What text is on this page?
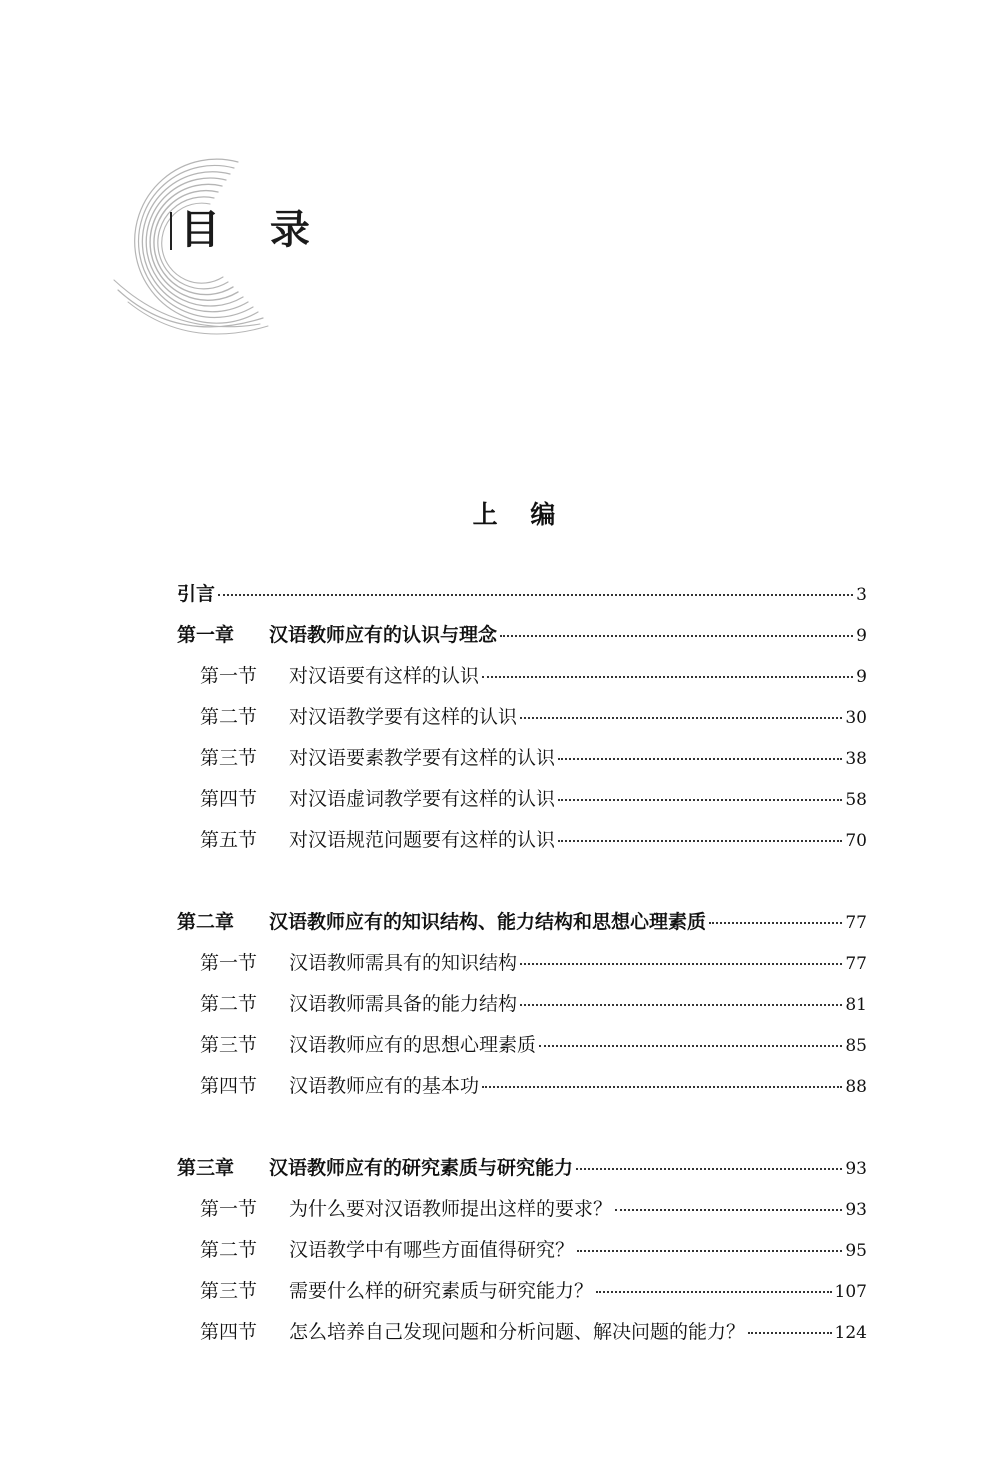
目 录
上 编
引言	3
第一章	汉语教师应有的认识与理念	9
第一节	对汉语要有这样的认识	9
第二节	对汉语教学要有这样的认识	30
第三节	对汉语要素教学要有这样的认识	38
第四节	对汉语虚词教学要有这样的认识	58
第五节	对汉语规范问题要有这样的认识	70
第二章	汉语教师应有的知识结构、能力结构和思想心理素质	77
第一节	汉语教师需具有的知识结构	77
第二节	汉语教师需具备的能力结构	81
第三节	汉语教师应有的思想心理素质	85
第四节	汉语教师应有的基本功	88
第三章	汉语教师应有的研究素质与研究能力	93
第一节	为什么要对汉语教师提出这样的要求？	93
第二节	汉语教学中有哪些方面值得研究？	95
第三节	需要什么样的研究素质与研究能力？	107
第四节	怎么培养自己发现问题和分析问题、解决问题的能力？	124
